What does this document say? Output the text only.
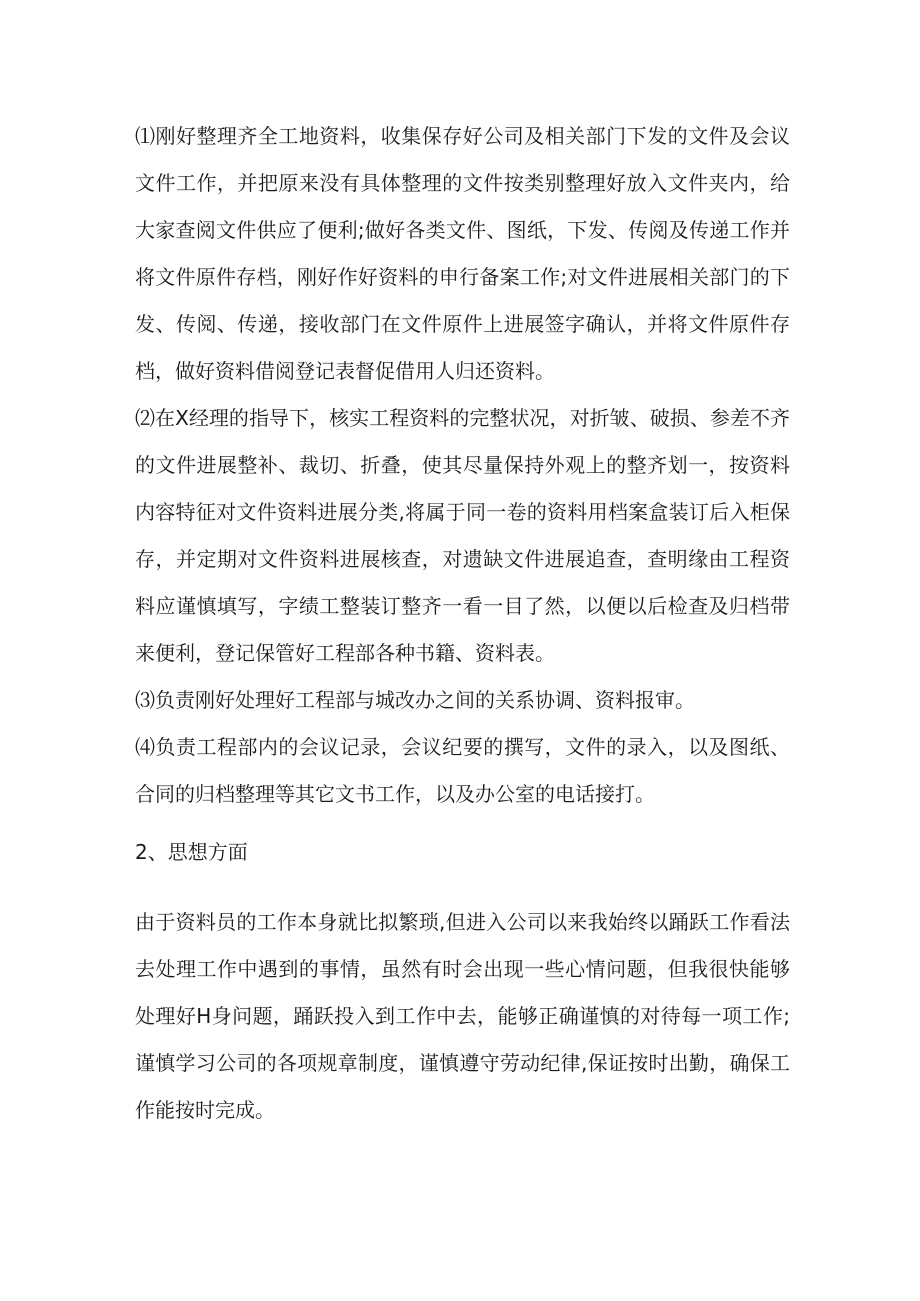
⑴刚好整理齐全工地资料，收集保存好公司及相关部门下发的文件及会议文件工作，并把原来没有具体整理的文件按类别整理好放入文件夹内，给大家查阅文件供应了便利;做好各类文件、图纸，下发、传阅及传递工作并将文件原件存档，刚好作好资料的申行备案工作;对文件进展相关部门的下发、传阅、传递，接收部门在文件原件上进展签字确认，并将文件原件存档，做好资料借阅登记表督促借用人归还资料。

⑵在X经理的指导下，核实工程资料的完整状况，对折皱、破损、参差不齐的文件进展整补、裁切、折叠，使其尽量保持外观上的整齐划一，按资料内容特征对文件资料进展分类,将属于同一卷的资料用档案盒装订后入柜保存，并定期对文件资料进展核查，对遗缺文件进展追查，查明缘由工程资料应谨慎填写，字绩工整装订整齐一看一目了然，以便以后检查及归档带来便利，登记保管好工程部各种书籍、资料表。

⑶负责刚好处理好工程部与城改办之间的关系协调、资料报审。

⑷负责工程部内的会议记录，会议纪要的撰写，文件的录入，以及图纸、合同的归档整理等其它文书工作，以及办公室的电话接打。

2、思想方面

由于资料员的工作本身就比拟繁琐,但进入公司以来我始终以踊跃工作看法去处理工作中遇到的事情，虽然有时会出现一些心情问题，但我很快能够处理好H身问题，踊跃投入到工作中去，能够正确谨慎的对待每一项工作;谨慎学习公司的各项规章制度，谨慎遵守劳动纪律,保证按时出勤，确保工作能按时完成。
